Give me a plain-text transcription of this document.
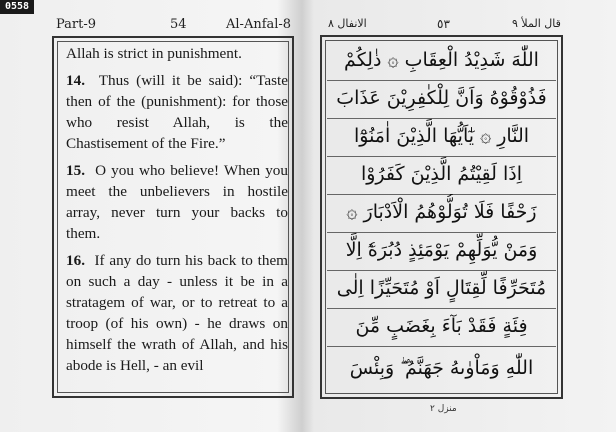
0558
Part-9	54	Al-Anfal-8

Allah is strict in punishment.

14. Thus (will it be said): “Taste then of the (punishment): for those who resist Allah, is the Chastisement of the Fire.”

15. O you who believe! When you meet the unbelievers in hostile array, never turn your backs to them.

16. If any do turn his back to them on such a day - unless it be in a stratagem of war, or to retreat to a troop (of his own) - he draws on himself the wrath of Allah, and his abode is Hell, - an evil

الانفال ٨	٥٣	قال الملأ ٩
اللّٰهَ شَدِيْدُ الْعِقَابِ ۞ ذٰلِكُمْ
فَذُوْقُوْهُ وَاَنَّ لِلْكٰفِرِيْنَ عَذَابَ
النَّارِ ۞ يٰٓاَيُّهَا الَّذِيْنَ اٰمَنُوْٓا
اِذَا لَقِيْتُمُ الَّذِيْنَ كَفَرُوْا
زَحْفًا فَلَا تُوَلُّوْهُمُ الْاَدْبَارَ ۞
وَمَنْ يُّوَلِّهِمْ يَوْمَئِذٍ دُبُرَهٗٓ اِلَّا
مُتَحَرِّفًا لِّقِتَالٍ اَوْ مُتَحَيِّزًا اِلٰى
فِئَةٍ فَقَدْ بَآءَ بِغَضَبٍ مِّنَ
اللّٰهِ وَمَاْوٰىهُ جَهَنَّمُ ۖ وَبِئْسَ
منزل ٢
